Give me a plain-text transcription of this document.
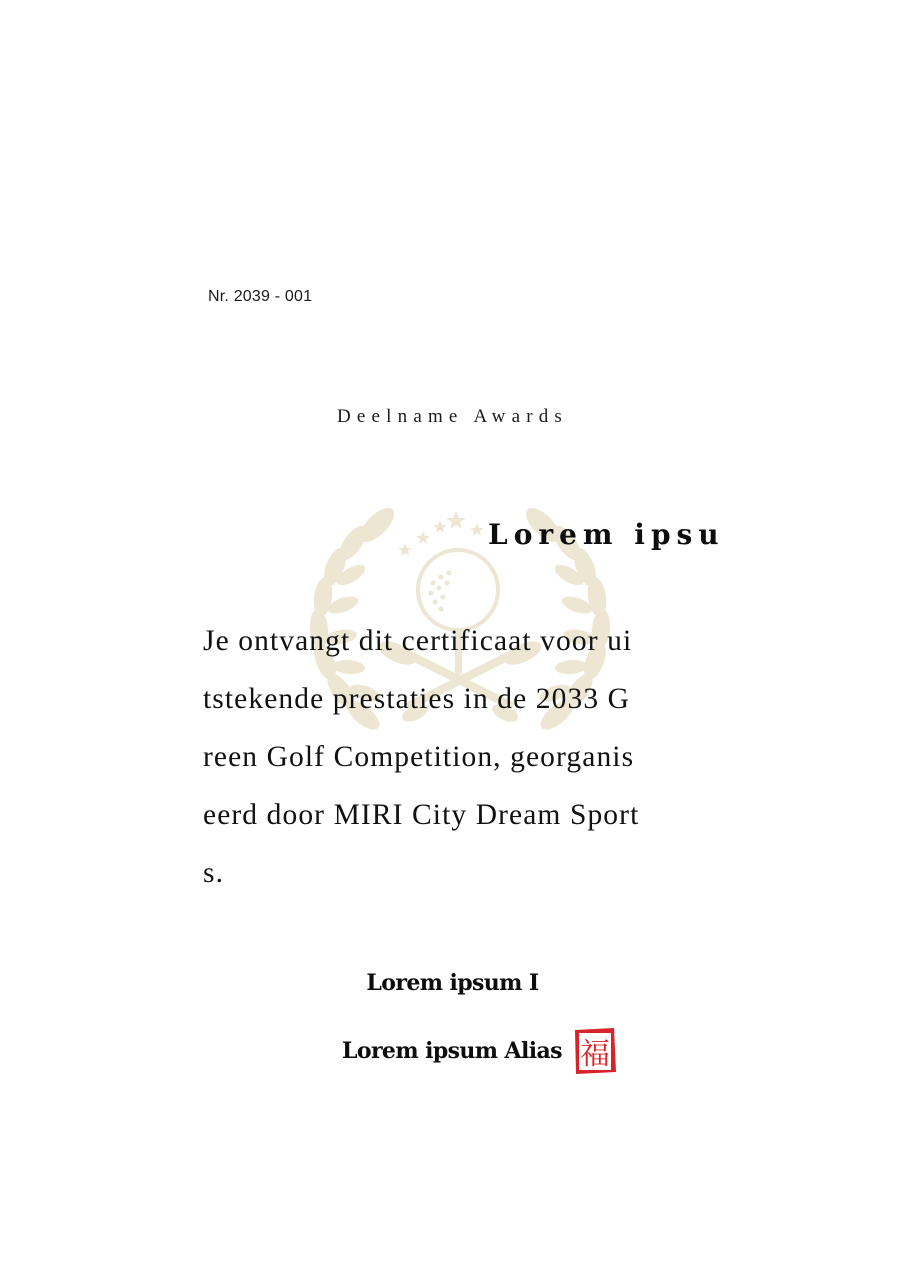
Nr. 2039 - 001
Deelname Awards
Lorem ipsu
Je ontvangt dit certificaat voor ui
tstekende prestaties in de 2033 G
reen Golf Competition, georganis
eerd door MIRI City Dream Sport
s.
Lorem ipsum I
Lorem ipsum Alias 福
